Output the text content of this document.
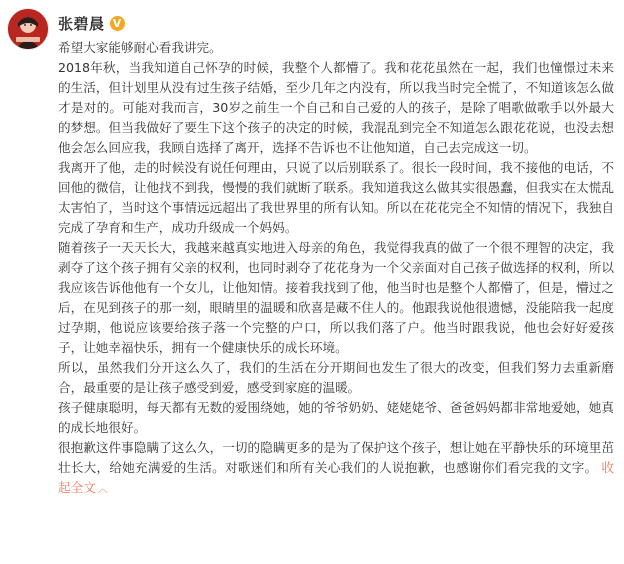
张碧晨 V

希望大家能够耐心看我讲完。

2018年秋，当我知道自己怀孕的时候，我整个人都懵了。我和花花虽然在一起，我们也憧憬过未来的生活，但计划里从没有过生孩子结婚，至少几年之内没有，所以我当时完全慌了，不知道该怎么做才是对的。可能对我而言，30岁之前生一个自己和自己爱的人的孩子，是除了唱歌做歌手以外最大的梦想。但当我做好了要生下这个孩子的决定的时候，我混乱到完全不知道怎么跟花花说，也没去想他会怎么回应我，我顾自选择了离开，选择不告诉也不让他知道，自己去完成这一切。

我离开了他，走的时候没有说任何理由，只说了以后别联系了。很长一段时间，我不接他的电话，不回他的微信，让他找不到我，慢慢的我们就断了联系。我知道我这么做其实很愚蠢，但我实在太慌乱太害怕了，当时这个事情远远超出了我世界里的所有认知。所以在花花完全不知情的情况下，我独自完成了孕育和生产，成功升级成一个妈妈。

随着孩子一天天长大，我越来越真实地进入母亲的角色，我觉得我真的做了一个很不理智的决定，我剥夺了这个孩子拥有父亲的权利，也同时剥夺了花花身为一个父亲面对自己孩子做选择的权利，所以我应该告诉他他有一个女儿，让他知情。接着我找到了他，他当时也是整个人都懵了，但是，懵过之后，在见到孩子的那一刻，眼睛里的温暖和欣喜是藏不住人的。他跟我说他很遗憾，没能陪我一起度过孕期，他说应该要给孩子落一个完整的户口，所以我们落了户。他当时跟我说，他也会好好爱孩子，让她幸福快乐，拥有一个健康快乐的成长环境。

所以，虽然我们分开这么久了，我们的生活在分开期间也发生了很大的改变，但我们努力去重新磨合，最重要的是让孩子感受到爱，感受到家庭的温暖。

孩子健康聪明，每天都有无数的爱围绕她，她的爷爷奶奶、姥姥姥爷、爸爸妈妈都非常地爱她，她真的成长地很好。

很抱歉这件事隐瞒了这么久，一切的隐瞒更多的是为了保护这个孩子，想让她在平静快乐的环境里茁壮长大，给她充满爱的生活。对歌迷们和所有关心我们的人说抱歉，也感谢你们看完我的文字。 收起全文 ︿
